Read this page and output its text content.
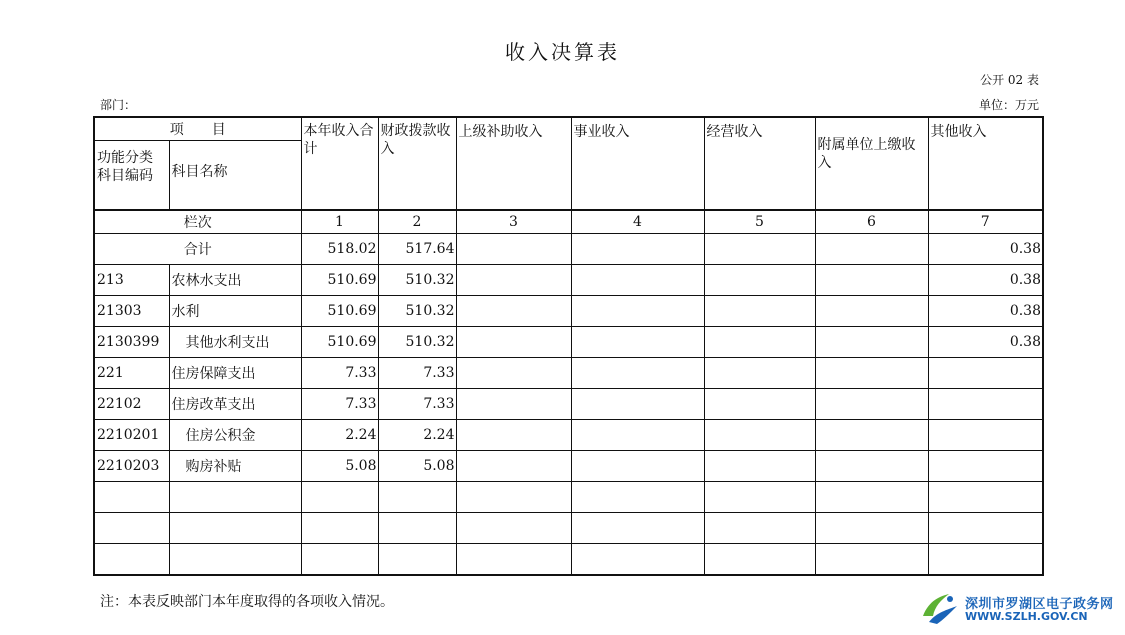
收入决算表
公开 02 表
部门：	单位：万元
项　　目		本年收入合计	财政拨款收入	上级补助收入	事业收入	经营收入	附属单位上缴收入	其他收入
功能分类科目编码	科目名称							
栏次		1	2	3	4	5	6	7
合计		518.02	517.64					0.38
213	农林水支出	510.69	510.32					0.38
21303	水利	510.69	510.32					0.38
2130399	其他水利支出	510.69	510.32					0.38
221	住房保障支出	7.33	7.33					
22102	住房改革支出	7.33	7.33					
2210201	住房公积金	2.24	2.24					
2210203	购房补贴	5.08	5.08					

注：本表反映部门本年度取得的各项收入情况。	深圳市罗湖区电子政务网
WWW.SZLH.GOV.CN
